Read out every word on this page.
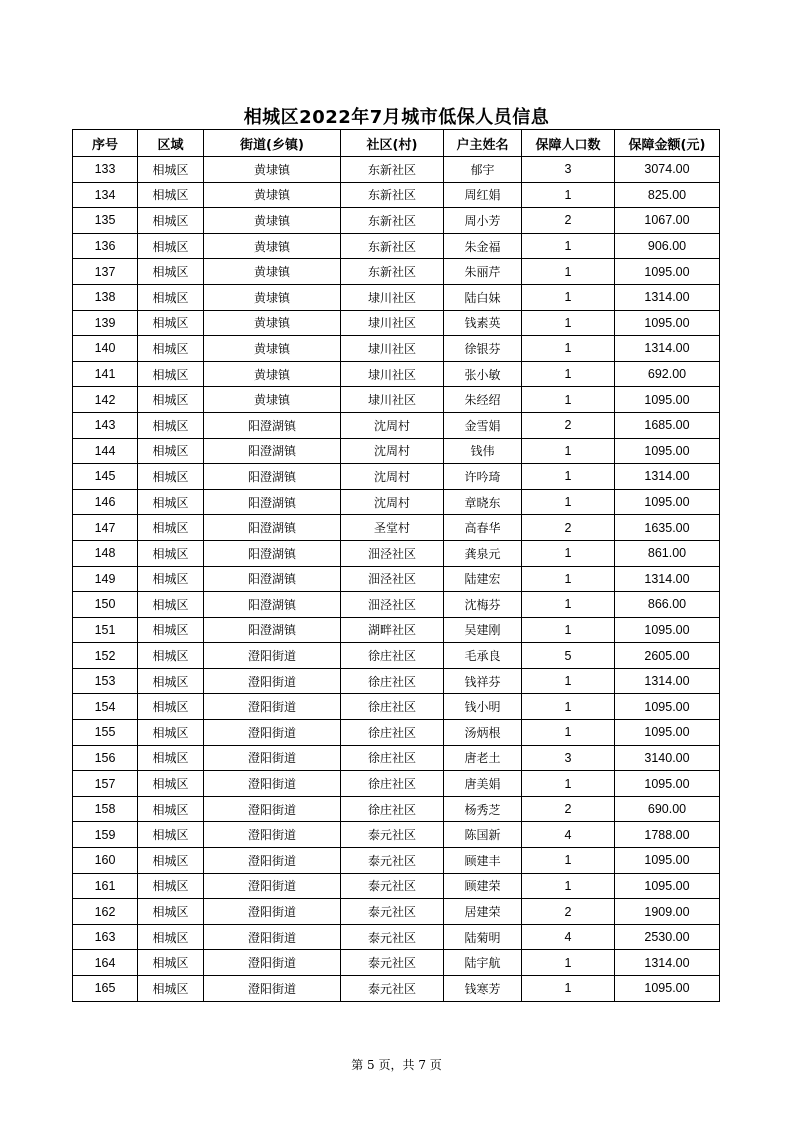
相城区2022年7月城市低保人员信息
序号	区域	街道(乡镇)	社区(村)	户主姓名	保障人口数	保障金额(元)
133	相城区	黄埭镇	东新社区	郁宇	3	3074.00
134	相城区	黄埭镇	东新社区	周红娟	1	825.00
135	相城区	黄埭镇	东新社区	周小芳	2	1067.00
136	相城区	黄埭镇	东新社区	朱金福	1	906.00
137	相城区	黄埭镇	东新社区	朱丽芹	1	1095.00
138	相城区	黄埭镇	埭川社区	陆白妹	1	1314.00
139	相城区	黄埭镇	埭川社区	钱素英	1	1095.00
140	相城区	黄埭镇	埭川社区	徐银芬	1	1314.00
141	相城区	黄埭镇	埭川社区	张小敏	1	692.00
142	相城区	黄埭镇	埭川社区	朱经绍	1	1095.00
143	相城区	阳澄湖镇	沈周村	金雪娟	2	1685.00
144	相城区	阳澄湖镇	沈周村	钱伟	1	1095.00
145	相城区	阳澄湖镇	沈周村	许吟琦	1	1314.00
146	相城区	阳澄湖镇	沈周村	章晓东	1	1095.00
147	相城区	阳澄湖镇	圣堂村	高春华	2	1635.00
148	相城区	阳澄湖镇	沺泾社区	龚泉元	1	861.00
149	相城区	阳澄湖镇	沺泾社区	陆建宏	1	1314.00
150	相城区	阳澄湖镇	沺泾社区	沈梅芬	1	866.00
151	相城区	阳澄湖镇	湖畔社区	吴建刚	1	1095.00
152	相城区	澄阳街道	徐庄社区	毛承良	5	2605.00
153	相城区	澄阳街道	徐庄社区	钱祥芬	1	1314.00
154	相城区	澄阳街道	徐庄社区	钱小明	1	1095.00
155	相城区	澄阳街道	徐庄社区	汤炳根	1	1095.00
156	相城区	澄阳街道	徐庄社区	唐老土	3	3140.00
157	相城区	澄阳街道	徐庄社区	唐美娟	1	1095.00
158	相城区	澄阳街道	徐庄社区	杨秀芝	2	690.00
159	相城区	澄阳街道	泰元社区	陈国新	4	1788.00
160	相城区	澄阳街道	泰元社区	顾建丰	1	1095.00
161	相城区	澄阳街道	泰元社区	顾建荣	1	1095.00
162	相城区	澄阳街道	泰元社区	居建荣	2	1909.00
163	相城区	澄阳街道	泰元社区	陆菊明	4	2530.00
164	相城区	澄阳街道	泰元社区	陆宇航	1	1314.00
165	相城区	澄阳街道	泰元社区	钱寒芳	1	1095.00
第 5 页，共 7 页
